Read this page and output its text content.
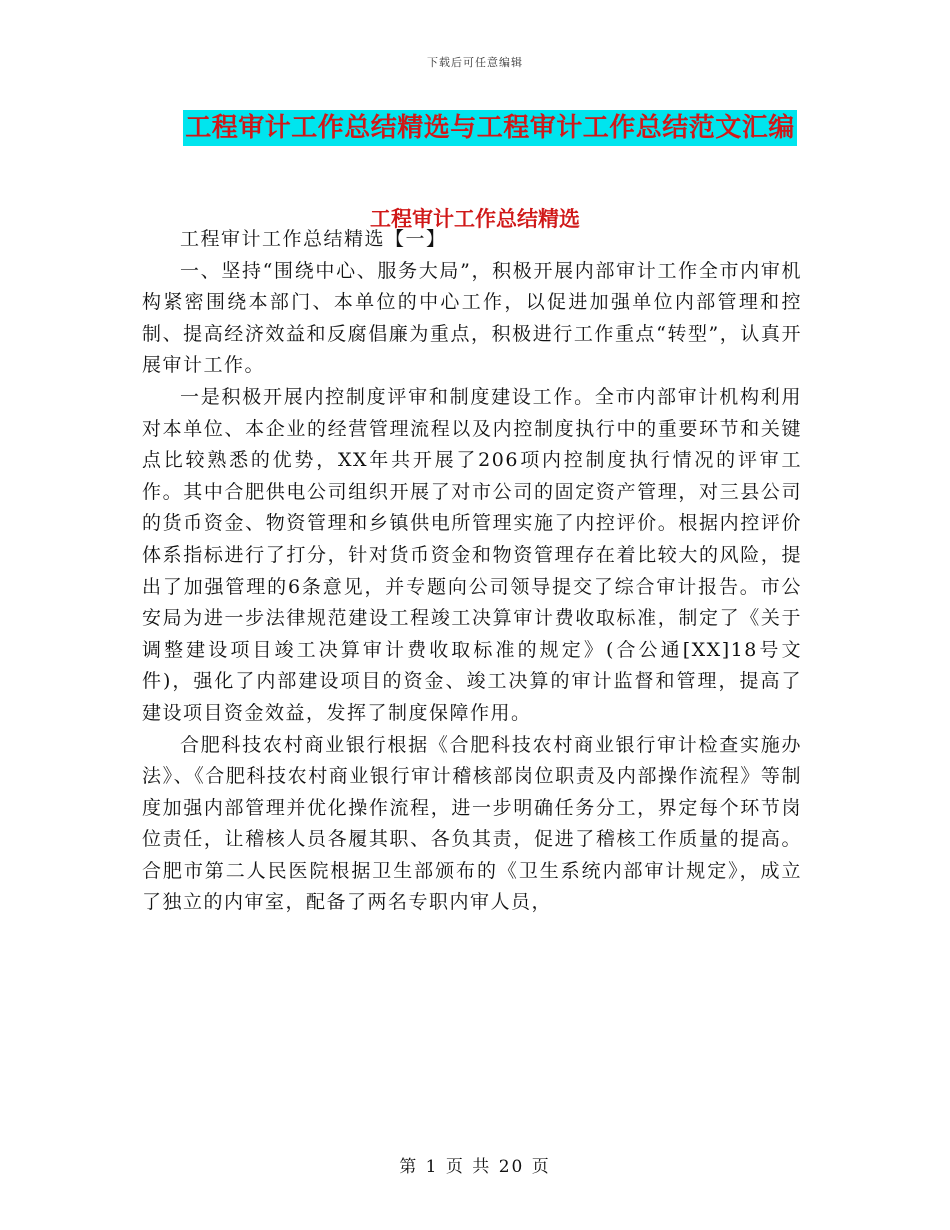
下载后可任意编辑
工程审计工作总结精选与工程审计工作总结范文汇编
工程审计工作总结精选

工程审计工作总结精选【一】

一、坚持“围绕中心、服务大局”，积极开展内部审计工作全市内审机构紧密围绕本部门、本单位的中心工作，以促进加强单位内部管理和控制、提高经济效益和反腐倡廉为重点，积极进行工作重点“转型”，认真开展审计工作。

一是积极开展内控制度评审和制度建设工作。全市内部审计机构利用对本单位、本企业的经营管理流程以及内控制度执行中的重要环节和关键点比较熟悉的优势，XX年共开展了206项内控制度执行情况的评审工作。其中合肥供电公司组织开展了对市公司的固定资产管理，对三县公司的货币资金、物资管理和乡镇供电所管理实施了内控评价。根据内控评价体系指标进行了打分，针对货币资金和物资管理存在着比较大的风险，提出了加强管理的6条意见，并专题向公司领导提交了综合审计报告。市公安局为进一步法律规范建设工程竣工决算审计费收取标准，制定了《关于调整建设项目竣工决算审计费收取标准的规定》(合公通[XX]18号文件)，强化了内部建设项目的资金、竣工决算的审计监督和管理，提高了建设项目资金效益，发挥了制度保障作用。

合肥科技农村商业银行根据《合肥科技农村商业银行审计检查实施办法》、《合肥科技农村商业银行审计稽核部岗位职责及内部操作流程》等制度加强内部管理并优化操作流程，进一步明确任务分工，界定每个环节岗位责任，让稽核人员各履其职、各负其责，促进了稽核工作质量的提高。合肥市第二人民医院根据卫生部颁布的《卫生系统内部审计规定》，成立了独立的内审室，配备了两名专职内审人员，

第 1 页 共 20 页
